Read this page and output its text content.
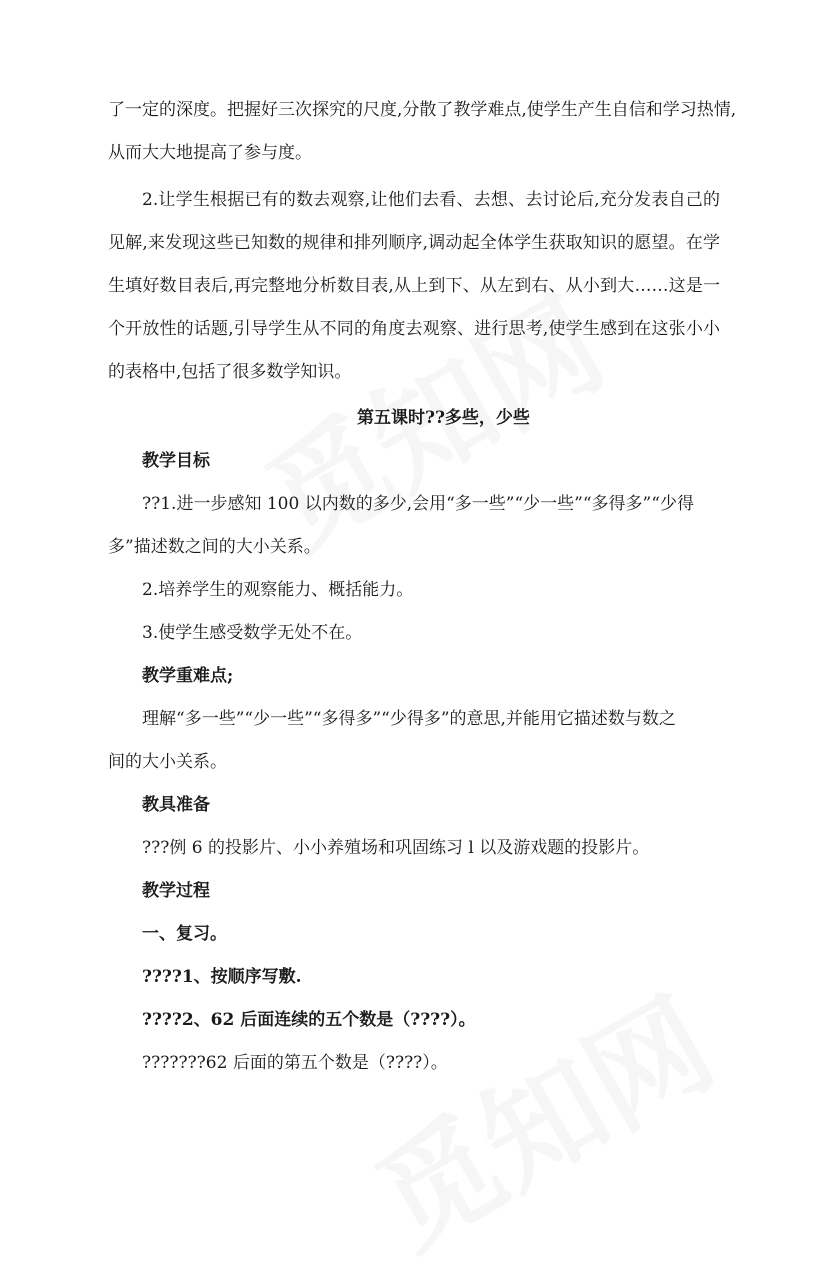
了一定的深度。把握好三次探究的尺度,分散了教学难点,使学生产生自信和学习热情,
从而大大地提高了参与度。
2.让学生根据已有的数去观察,让他们去看、去想、去讨论后,充分发表自己的见解,来发现这些已知数的规律和排列顺序,调动起全体学生获取知识的愿望。在学生填好数目表后,再完整地分析数目表,从上到下、从左到右、从小到大……这是一个开放性的话题,引导学生从不同的角度去观察、进行思考,使学生感到在这张小小的表格中,包括了很多数学知识。
第五课时??多些，少些
教学目标
??1.进一步感知 100 以内数的多少,会用“多一些”“少一些”“多得多”“少得
多”描述数之间的大小关系。
2.培养学生的观察能力、概括能力。
3.使学生感受数学无处不在。
教学重难点;
理解“多一些”“少一些”“多得多”“少得多”的意思,并能用它描述数与数之
间的大小关系。
教具准备
???例 6 的投影片、小小养殖场和巩固练习 l 以及游戏题的投影片。
教学过程
一、复习。
????1、按顺序写敷.
????2、62 后面连续的五个数是（????）。
???????62 后面的第五个数是（????）。
